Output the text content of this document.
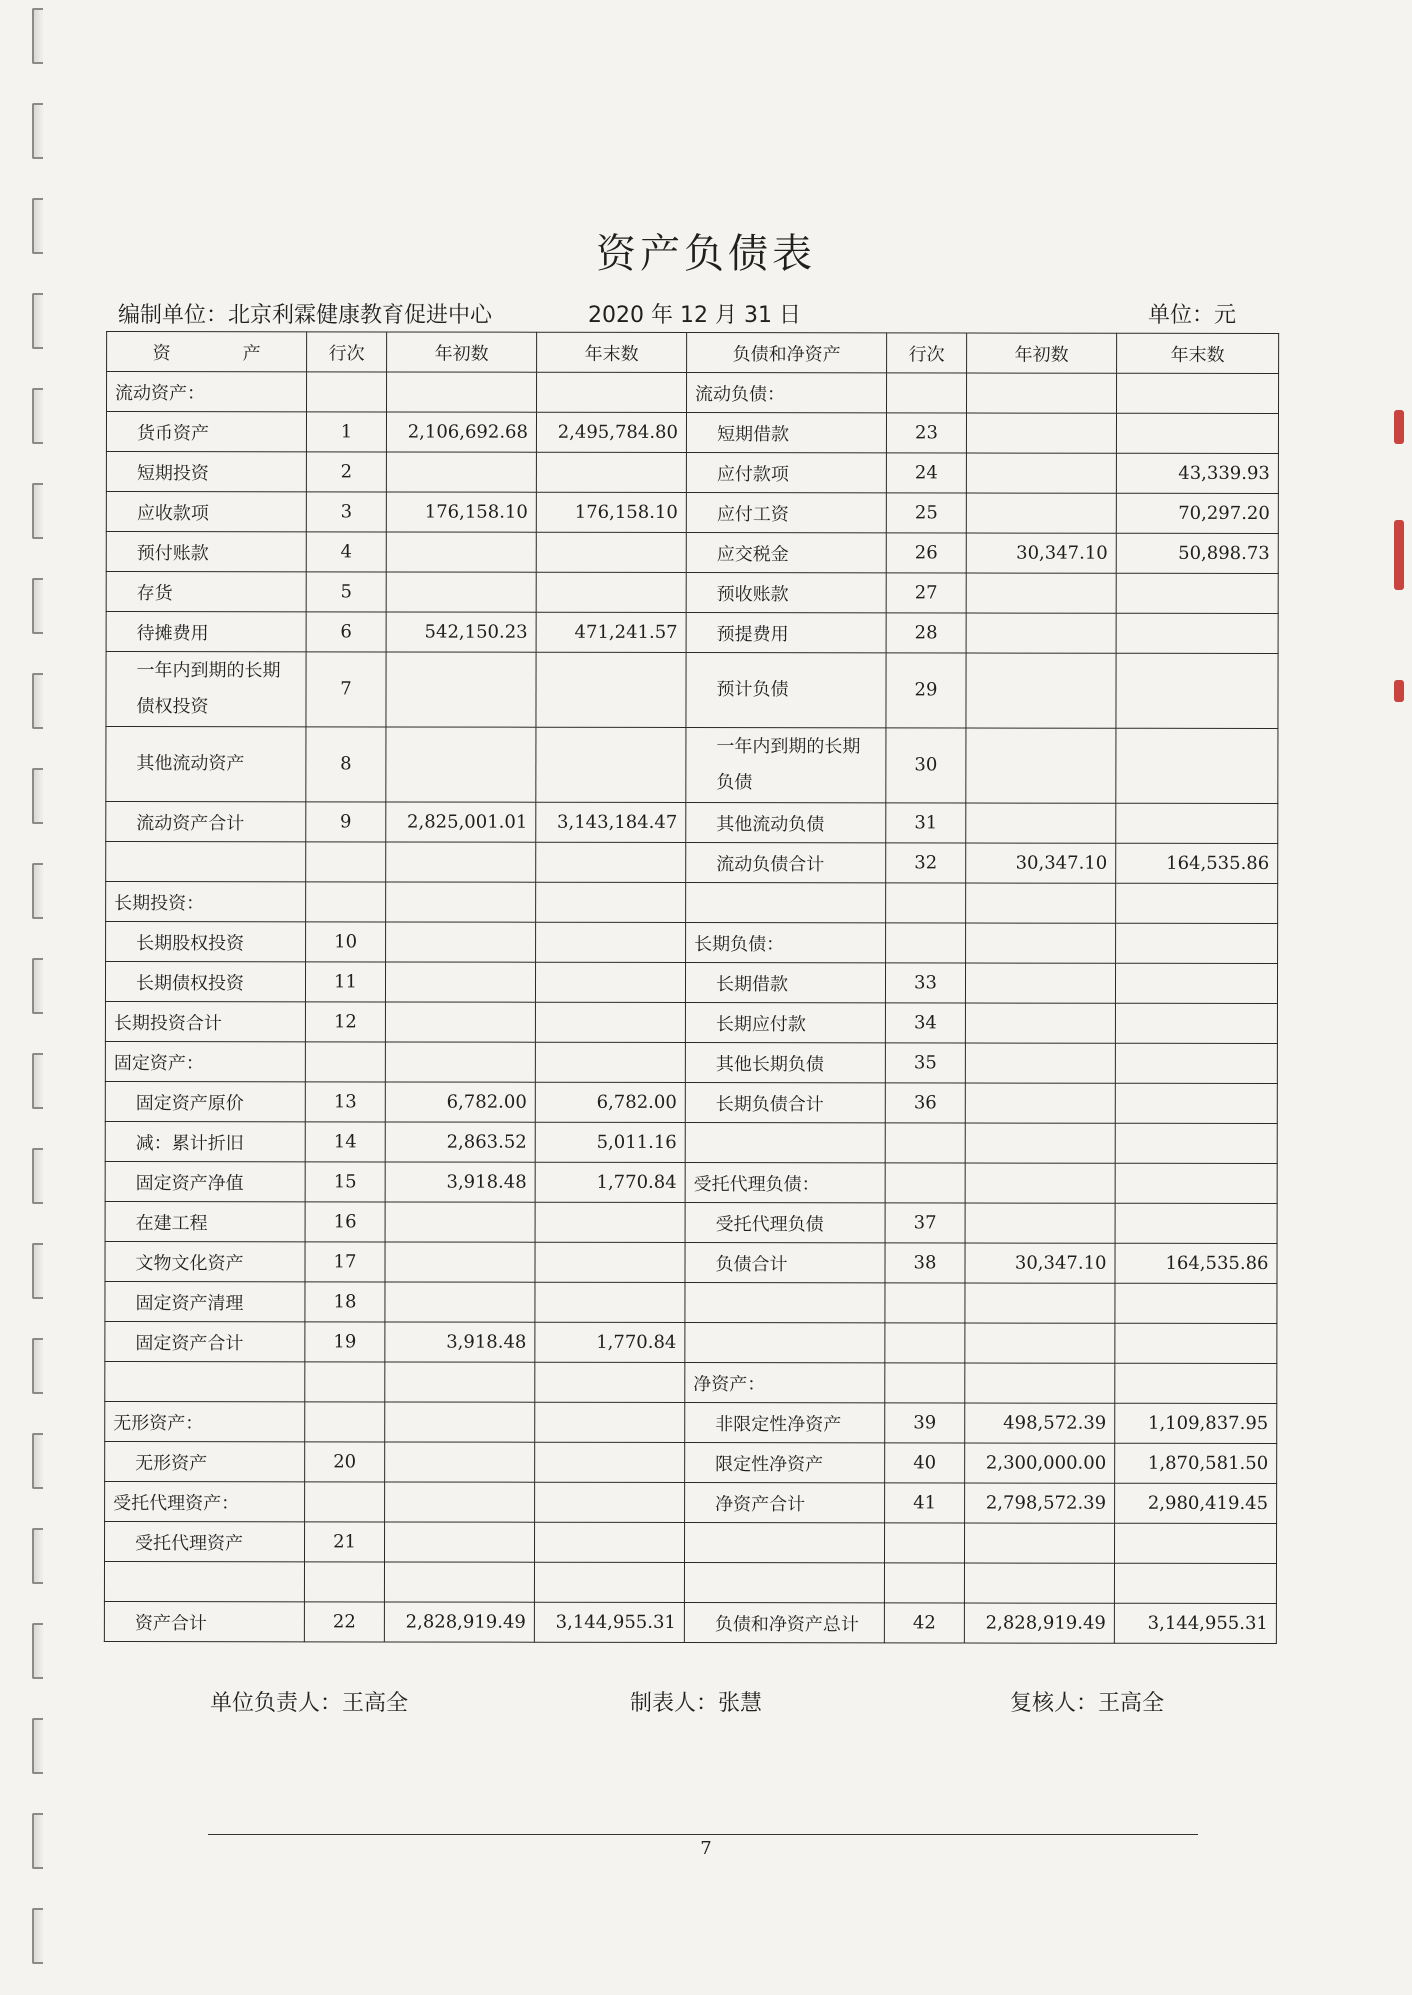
资产负债表
编制单位：北京利霖健康教育促进中心	2020 年 12 月 31 日	单位：元
资　　　　产	行次	年初数	年末数	负债和净资产	行次	年初数	年末数
流动资产：				流动负债：			
货币资产	1	2,106,692.68	2,495,784.80	短期借款	23		
短期投资	2			应付款项	24		43,339.93
应收款项	3	176,158.10	176,158.10	应付工资	25		70,297.20
预付账款	4			应交税金	26	30,347.10	50,898.73
存货	5			预收账款	27		
待摊费用	6	542,150.23	471,241.57	预提费用	28		
一年内到期的长期债权投资	7			预计负债	29		
其他流动资产	8			一年内到期的长期负债	30		
流动资产合计	9	2,825,001.01	3,143,184.47	其他流动负债	31		
				流动负债合计	32	30,347.10	164,535.86
长期投资：							
长期股权投资	10			长期负债：			
长期债权投资	11			长期借款	33		
长期投资合计	12			长期应付款	34		
固定资产：				其他长期负债	35		
固定资产原价	13	6,782.00	6,782.00	长期负债合计	36		
减：累计折旧	14	2,863.52	5,011.16				
固定资产净值	15	3,918.48	1,770.84	受托代理负债：			
在建工程	16			受托代理负债	37		
文物文化资产	17			负债合计	38	30,347.10	164,535.86
固定资产清理	18						
固定资产合计	19	3,918.48	1,770.84				
				净资产：			
无形资产：				非限定性净资产	39	498,572.39	1,109,837.95
无形资产	20			限定性净资产	40	2,300,000.00	1,870,581.50
受托代理资产：				净资产合计	41	2,798,572.39	2,980,419.45
受托代理资产	21						

资产合计	22	2,828,919.49	3,144,955.31	负债和净资产总计	42	2,828,919.49	3,144,955.31
单位负责人：王高全	制表人：张慧	复核人：王高全
7
